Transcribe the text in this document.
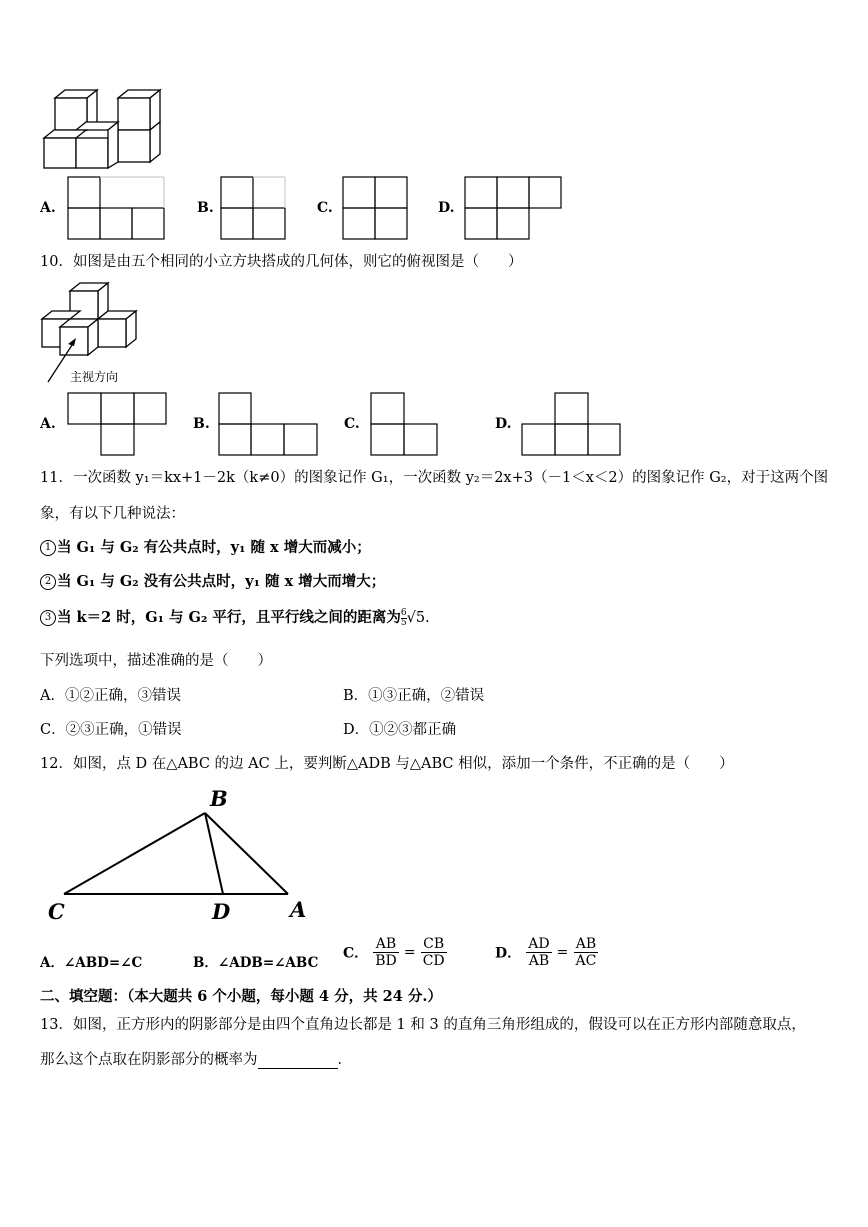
A.	B.	C.	D.
10．如图是由五个相同的小立方块搭成的几何体，则它的俯视图是（　　）
主视方向
A.	B.	C.	D.
11．一次函数 y₁＝kx+1－2k（k≠0）的图象记作 G₁，一次函数 y₂＝2x+3（－1＜x＜2）的图象记作 G₂，对于这两个图
象，有以下几种说法：
1 当 G₁ 与 G₂ 有公共点时，y₁ 随 x 增大而减小；
2 当 G₁ 与 G₂ 没有公共点时，y₁ 随 x 增大而增大；
3 当 k＝2 时，G₁ 与 G₂ 平行，且平行线之间的距离为 $\frac{6}{5} √5$.
下列选项中，描述准确的是（　　）
A．①②正确，③错误	B．①③正确，②错误
C．②③正确，①错误	D．①②③都正确
12．如图，点 D 在△ABC 的边 AC 上，要判断△ADB 与△ABC 相似，添加一个条件，不正确的是（　　）
B
C	D	A
A．∠ABD=∠C	B．∠ADB=∠ABC
C． $\frac{AB}{BD} = \frac{CB}{CD}$	D． $\frac{AD}{AB} = \frac{AB}{AC}$
二、填空题：（本大题共 6 个小题，每小题 4 分，共 24 分.）
13．如图，正方形内的阴影部分是由四个直角边长都是 1 和 3 的直角三角形组成的，假设可以在正方形内部随意取点，
那么这个点取在阴影部分的概率为	．
